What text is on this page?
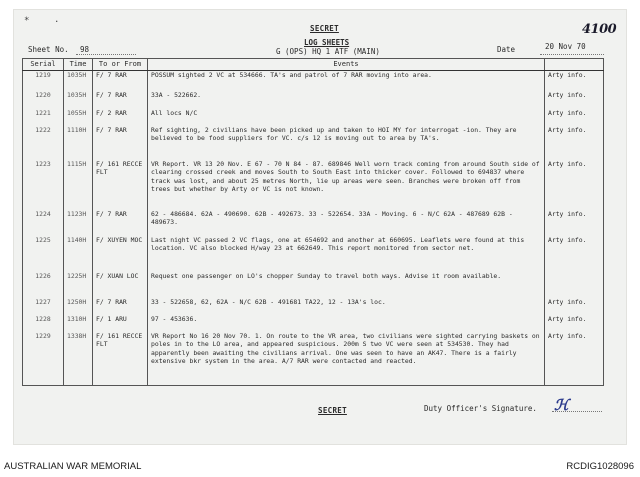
*	.
4100
SECRET
Sheet No. 98
LOG SHEETS
G (OPS) HQ 1 ATF (MAIN)	Date	20 Nov 70
Serial	Time	To or From	Events	
1219	1035H	F/ 7 RAR	POSSUM sighted 2 VC at 534666. TA's and patrol of 7 RAR moving into area.	Arty info.
1220	1035H	F/ 7 RAR	33A - 522662.	Arty info.
1221	1055H	F/ 2 RAR	All locs N/C	Arty info.
1222	1110H	F/ 7 RAR	Ref sighting, 2 civilians have been picked up and taken to HOI MY for interrogat -ion. They are believed to be food suppliers for VC. c/s 12 is moving out to area by TA's.	Arty info.
1223	1115H	F/ 161 RECCE FLT	VR Report. VR 13 20 Nov. E 67 - 70 N 84 - 87. 689846 Well worn track coming from around South side of clearing crossed creek and moves South to South East into thicker cover. Followed to 694837 where track was lost, and about 25 metres North, lie up areas were seen. Branches were broken off from trees but whether by Arty or VC is not known.	Arty info.
1224	1123H	F/ 7 RAR	62 - 486684. 62A - 490690. 62B - 492673. 33 - 522654. 33A - Moving. 6 - N/C 62A - 487689 62B - 489673.	Arty info.
1225	1140H	F/ XUYEN MOC	Last night VC passed 2 VC flags, one at 654692 and another at 660695. Leaflets were found at this location. VC also blocked H/way 23 at 662649. This report monitored from sector net.	Arty info.
1226	1225H	F/ XUAN LOC	Request one passenger on LO's chopper Sunday to travel both ways. Advise it room available.	
1227	1250H	F/ 7 RAR	33 - 522658, 62, 62A - N/C 62B - 491681 TA22, 12 - 13A's loc.	Arty info.
1228	1310H	F/ 1 ARU	97 - 453636.	Arty info.
1229	1338H	F/ 161 RECCE FLT	VR Report No 16 20 Nov 70. 1. On route to the VR area, two civilians were sighted carrying baskets on poles in to the LO area, and appeared suspicious. 200m S two VC were seen at 534530. They had apparently been awaiting the civilians arrival. One was seen to have an AK47. There is a fairly extensive bkr system in the area. A/7 RAR were contacted and reacted.	Arty info.
SECRET	Duty Officer's Signature. ℋ
AUSTRALIAN WAR MEMORIAL	RCDIG1028096
